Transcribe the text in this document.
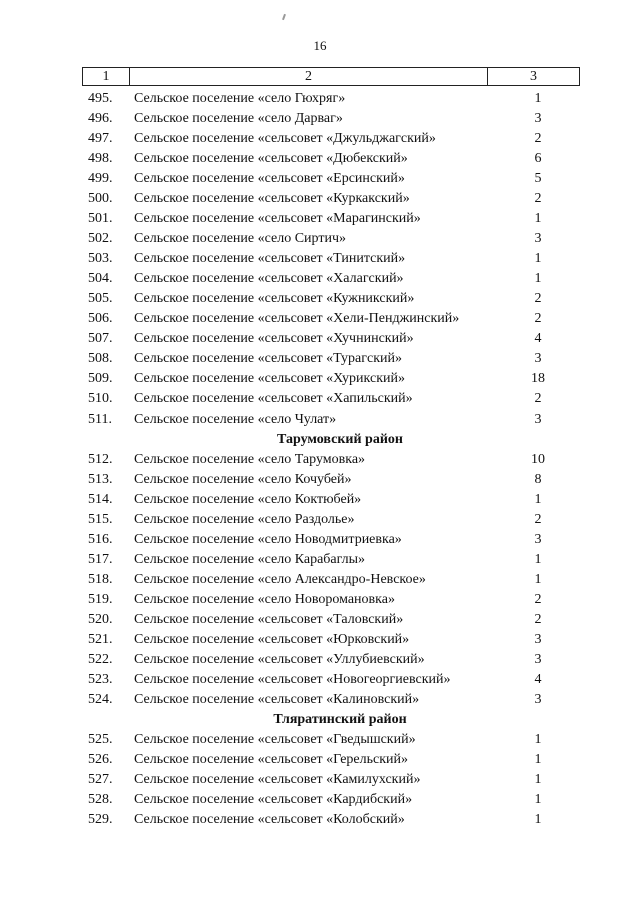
16
1	2	3
495.	Сельское поселение «село Гюхряг»	1
496.	Сельское поселение «село Дарваг»	3
497.	Сельское поселение «сельсовет «Джульджагский»	2
498.	Сельское поселение «сельсовет «Дюбекский»	6
499.	Сельское поселение «сельсовет «Ерсинский»	5
500.	Сельское поселение «сельсовет «Куркакский»	2
501.	Сельское поселение «сельсовет «Марагинский»	1
502.	Сельское поселение «село Сиртич»	3
503.	Сельское поселение «сельсовет «Тинитский»	1
504.	Сельское поселение «сельсовет «Халагский»	1
505.	Сельское поселение «сельсовет «Кужникский»	2
506.	Сельское поселение «сельсовет «Хели-Пенджинский»	2
507.	Сельское поселение «сельсовет «Хучнинский»	4
508.	Сельское поселение «сельсовет «Турагский»	3
509.	Сельское поселение «сельсовет «Хурикский»	18
510.	Сельское поселение «сельсовет «Хапильский»	2
511.	Сельское поселение «село Чулат»	3
Тарумовский район
512.	Сельское поселение «село Тарумовка»	10
513.	Сельское поселение «село Кочубей»	8
514.	Сельское поселение «село Коктюбей»	1
515.	Сельское поселение «село Раздолье»	2
516.	Сельское поселение «село Новодмитриевка»	3
517.	Сельское поселение «село Карабаглы»	1
518.	Сельское поселение «село Александро-Невское»	1
519.	Сельское поселение «село Новоромановка»	2
520.	Сельское поселение «сельсовет «Таловский»	2
521.	Сельское поселение «сельсовет «Юрковский»	3
522.	Сельское поселение «сельсовет «Уллубиевский»	3
523.	Сельское поселение «сельсовет «Новогеоргиевский»	4
524.	Сельское поселение «сельсовет «Калиновский»	3
Тляратинский район
525.	Сельское поселение «сельсовет «Гведышский»	1
526.	Сельское поселение «сельсовет «Герельский»	1
527.	Сельское поселение «сельсовет «Камилухский»	1
528.	Сельское поселение «сельсовет «Кардибский»	1
529.	Сельское поселение «сельсовет «Колобский»	1
